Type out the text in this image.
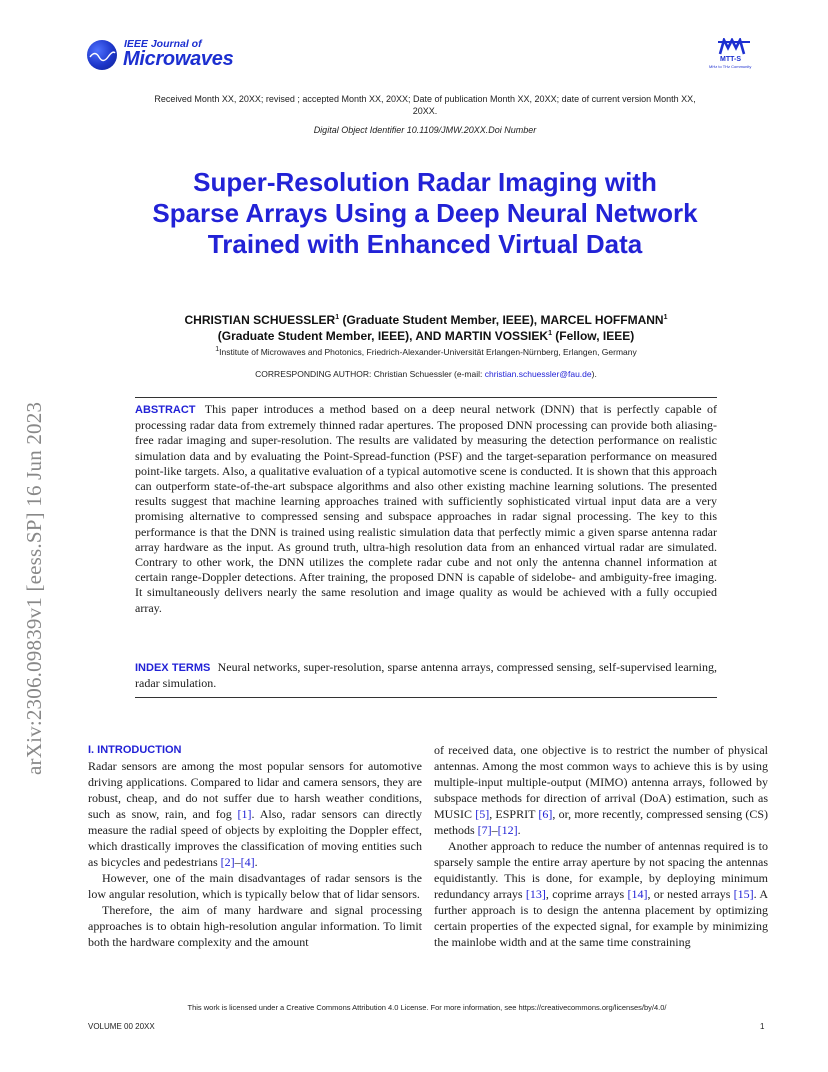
IEEE Journal of
Microwaves	MTT-S
MHz to THz Community
Received Month XX, 20XX; revised ; accepted Month XX, 20XX; Date of publication Month XX, 20XX; date of current version Month XX, 20XX.
Digital Object Identifier 10.1109/JMW.20XX.Doi Number
Super-Resolution Radar Imaging with Sparse Arrays Using a Deep Neural Network Trained with Enhanced Virtual Data
CHRISTIAN SCHUESSLER$^1$ (Graduate Student Member, IEEE), MARCEL HOFFMANN$^1$
(Graduate Student Member, IEEE), AND MARTIN VOSSIEK$^1$ (Fellow, IEEE)
$^1$Institute of Microwaves and Photonics, Friedrich-Alexander-Universität Erlangen-Nürnberg, Erlangen, Germany
CORRESPONDING AUTHOR: Christian Schuessler (e-mail: christian.schuessler@fau.de).
ABSTRACT This paper introduces a method based on a deep neural network (DNN) that is perfectly capable of processing radar data from extremely thinned radar apertures. The proposed DNN processing can provide both aliasing-free radar imaging and super-resolution. The results are validated by measuring the detection performance on realistic simulation data and by evaluating the Point-Spread-function (PSF) and the target-separation performance on measured point-like targets. Also, a qualitative evaluation of a typical automotive scene is conducted. It is shown that this approach can outperform state-of-the-art subspace algorithms and also other existing machine learning solutions. The presented results suggest that machine learning approaches trained with sufficiently sophisticated virtual input data are a very promising alternative to compressed sensing and subspace approaches in radar signal processing. The key to this performance is that the DNN is trained using realistic simulation data that perfectly mimic a given sparse antenna radar array hardware as the input. As ground truth, ultra-high resolution data from an enhanced virtual radar are simulated. Contrary to other work, the DNN utilizes the complete radar cube and not only the antenna channel information at certain range-Doppler detections. After training, the proposed DNN is capable of sidelobe- and ambiguity-free imaging. It simultaneously delivers nearly the same resolution and image quality as would be achieved with a fully occupied array.
INDEX TERMS Neural networks, super-resolution, sparse antenna arrays, compressed sensing, self-supervised learning, radar simulation.
arXiv:2306.09839v1 [eess.SP] 16 Jun 2023	I. INTRODUCTION

Radar sensors are among the most popular sensors for automotive driving applications. Compared to lidar and camera sensors, they are robust, cheap, and do not suffer due to harsh weather conditions, such as snow, rain, and fog [1]. Also, radar sensors can directly measure the radial speed of objects by exploiting the Doppler effect, which drastically improves the classification of moving entities such as bicycles and pedestrians [2]–[4].

However, one of the main disadvantages of radar sensors is the low angular resolution, which is typically below that of lidar sensors.

Therefore, the aim of many hardware and signal processing approaches is to obtain high-resolution angular information. To limit both the hardware complexity and the amount

of received data, one objective is to restrict the number of physical antennas. Among the most common ways to achieve this is by using multiple-input multiple-output (MIMO) antenna arrays, followed by subspace methods for direction of arrival (DoA) estimation, such as MUSIC [5], ESPRIT [6], or, more recently, compressed sensing (CS) methods [7]–[12].

Another approach to reduce the number of antennas required is to sparsely sample the entire array aperture by not spacing the antennas equidistantly. This is done, for example, by deploying minimum redundancy arrays [13], coprime arrays [14], or nested arrays [15]. A further approach is to design the antenna placement by optimizing certain properties of the expected signal, for example by minimizing the mainlobe width and at the same time constraining

This work is licensed under a Creative Commons Attribution 4.0 License. For more information, see https://creativecommons.org/licenses/by/4.0/
VOLUME 00 20XX	1
